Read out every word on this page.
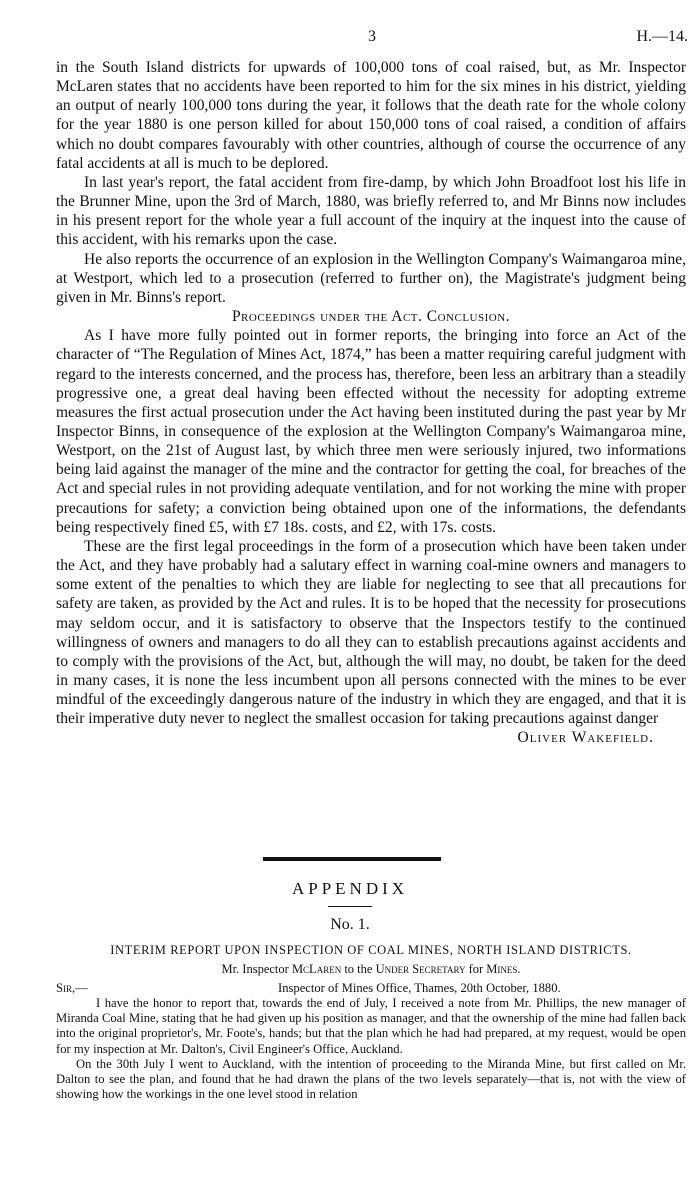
3	H.—14.

in the South Island districts for upwards of 100,000 tons of coal raised, but, as Mr. Inspector McLaren states that no accidents have been reported to him for the six mines in his district, yielding an output of nearly 100,000 tons during the year, it follows that the death rate for the whole colony for the year 1880 is one person killed for about 150,000 tons of coal raised, a condition of affairs which no doubt compares favourably with other countries, although of course the occurrence of any fatal accidents at all is much to be deplored.

In last year's report, the fatal accident from fire-damp, by which John Broadfoot lost his life in the Brunner Mine, upon the 3rd of March, 1880, was briefly referred to, and Mr Binns now includes in his present report for the whole year a full account of the inquiry at the inquest into the cause of this accident, with his remarks upon the case.

He also reports the occurrence of an explosion in the Wellington Company's Waimangaroa mine, at Westport, which led to a prosecution (referred to further on), the Magistrate's judgment being given in Mr. Binns's report.

Proceedings under the Act. Conclusion.

As I have more fully pointed out in former reports, the bringing into force an Act of the character of “The Regulation of Mines Act, 1874,” has been a matter requiring careful judgment with regard to the interests concerned, and the process has, therefore, been less an arbitrary than a steadily progressive one, a great deal having been effected without the necessity for adopting extreme measures the first actual prosecution under the Act having been instituted during the past year by Mr Inspector Binns, in consequence of the explosion at the Wellington Company's Waimangaroa mine, Westport, on the 21st of August last, by which three men were seriously injured, two informations being laid against the manager of the mine and the contractor for getting the coal, for breaches of the Act and special rules in not providing adequate ventilation, and for not working the mine with proper precautions for safety; a conviction being obtained upon one of the informations, the defendants being respectively fined £5, with £7 18s. costs, and £2, with 17s. costs.

These are the first legal proceedings in the form of a prosecution which have been taken under the Act, and they have probably had a salutary effect in warning coal-mine owners and managers to some extent of the penalties to which they are liable for neglecting to see that all precautions for safety are taken, as provided by the Act and rules. It is to be hoped that the necessity for prosecutions may seldom occur, and it is satisfactory to observe that the Inspectors testify to the continued willingness of owners and managers to do all they can to establish precautions against accidents and to comply with the provisions of the Act, but, although the will may, no doubt, be taken for the deed in many cases, it is none the less incumbent upon all persons connected with the mines to be ever mindful of the exceedingly dangerous nature of the industry in which they are engaged, and that it is their imperative duty never to neglect the smallest occasion for taking precautions against danger

Oliver Wakefield.

APPENDIX
No. 1.
INTERIM REPORT UPON INSPECTION OF COAL MINES, NORTH ISLAND DISTRICTS.
Mr. Inspector McLaren to the Under Secretary for Mines.
Sir,—	Inspector of Mines Office, Thames, 20th October, 1880.

I have the honor to report that, towards the end of July, I received a note from Mr. Phillips, the new manager of Miranda Coal Mine, stating that he had given up his position as manager, and that the ownership of the mine had fallen back into the original proprietor's, Mr. Foote's, hands; but that the plan which he had had prepared, at my request, would be open for my inspection at Mr. Dalton's, Civil Engineer's Office, Auckland.

On the 30th July I went to Auckland, with the intention of proceeding to the Miranda Mine, but first called on Mr. Dalton to see the plan, and found that he had drawn the plans of the two levels separately—that is, not with the view of showing how the workings in the one level stood in relation
